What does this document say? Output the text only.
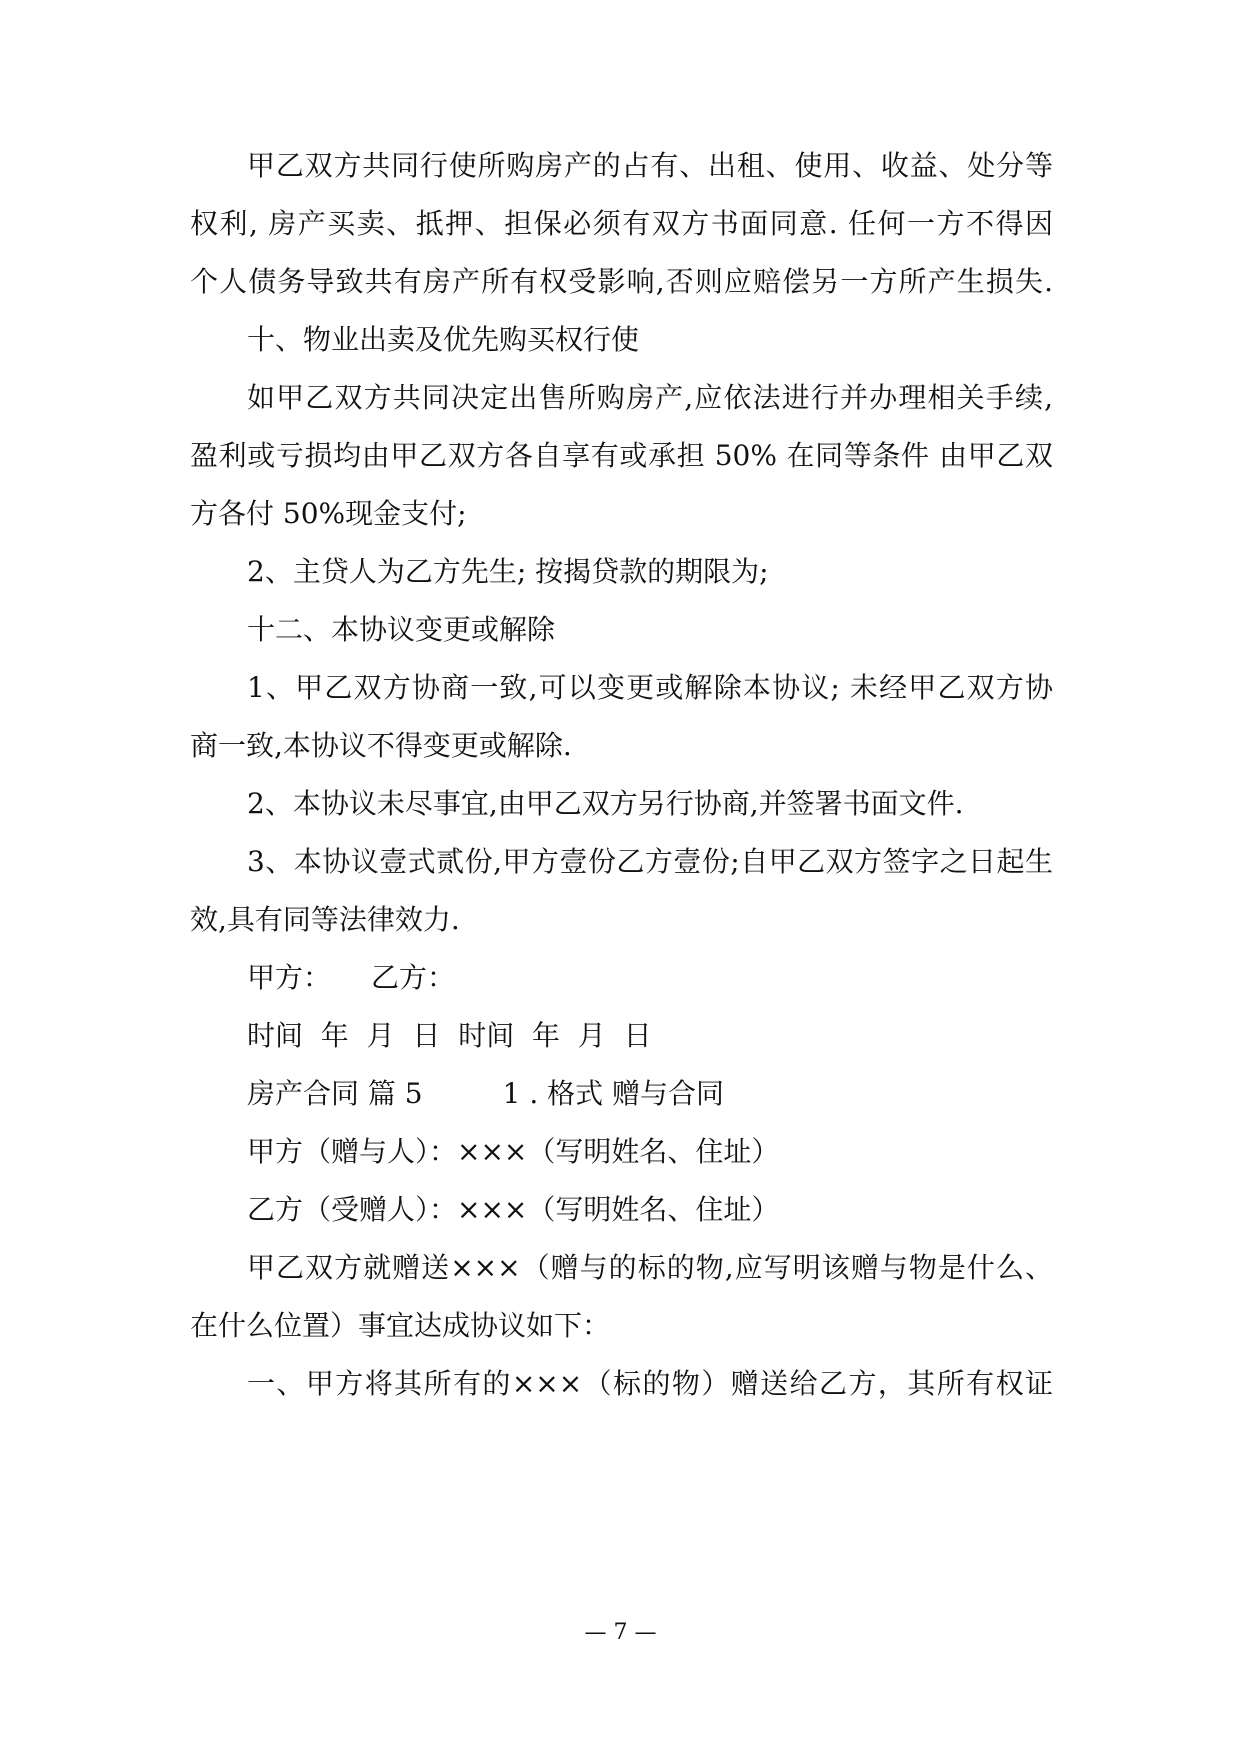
甲乙双方共同行使所购房产的占有、出租、使用、收益、处分等
权利, 房产买卖、抵押、担保必须有双方书面同意. 任何一方不得因
个人债务导致共有房产所有权受影响,否则应赔偿另一方所产生损失.
十、物业出卖及优先购买权行使
如甲乙双方共同决定出售所购房产,应依法进行并办理相关手续,
盈利或亏损均由甲乙双方各自享有或承担 50% 在同等条件 由甲乙双
方各付 50%现金支付;
2、主贷人为乙方先生; 按揭贷款的期限为;
十二、本协议变更或解除
1、甲乙双方协商一致,可以变更或解除本协议; 未经甲乙双方协
商一致,本协议不得变更或解除.
2、本协议未尽事宜,由甲乙双方另行协商,并签署书面文件.
3、本协议壹式贰份,甲方壹份乙方壹份;自甲乙双方签字之日起生
效,具有同等法律效力.
甲方： 乙方：
时间  年  月  日  时间  年  月  日
房产合同 篇 5	1 . 格式 赠与合同
甲方（赠与人）：×××（写明姓名、住址）
乙方（受赠人）：×××（写明姓名、住址）
甲乙双方就赠送×××（赠与的标的物,应写明该赠与物是什么、
在什么位置）事宜达成协议如下：
一、甲方将其所有的×××（标的物）赠送给乙方，其所有权证
— 7 —
